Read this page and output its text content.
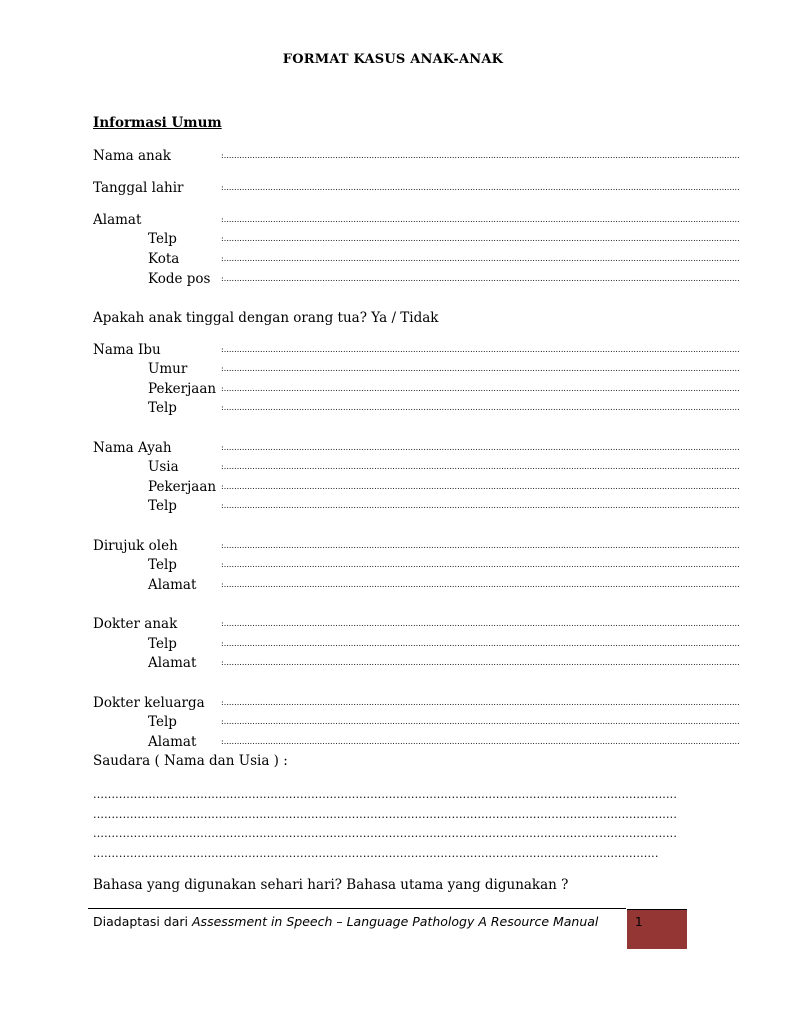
FORMAT KASUS ANAK-ANAK
Informasi Umum
Nama anak	:.......................................................................................................................................................................................................
Tanggal lahir	:.......................................................................................................................................................................................................
Alamat	:.......................................................................................................................................................................................................
Telp	:.......................................................................................................................................................................................................
Kota	:.......................................................................................................................................................................................................
Kode pos :.......................................................................................................................................................................................................
Apakah anak tinggal dengan orang tua? Ya / Tidak
Nama Ibu	:.......................................................................................................................................................................................................
Umur	:.......................................................................................................................................................................................................
Pekerjaan :.......................................................................................................................................................................................................
Telp	:.......................................................................................................................................................................................................
Nama Ayah	:.......................................................................................................................................................................................................
Usia	:.......................................................................................................................................................................................................
Pekerjaan :.......................................................................................................................................................................................................
Telp	:.......................................................................................................................................................................................................
Dirujuk oleh	:.......................................................................................................................................................................................................
Telp	:.......................................................................................................................................................................................................
Alamat	:.......................................................................................................................................................................................................
Dokter anak	:.......................................................................................................................................................................................................
Telp	:.......................................................................................................................................................................................................
Alamat	:.......................................................................................................................................................................................................
Dokter keluarga :.......................................................................................................................................................................................................
Telp	:.......................................................................................................................................................................................................
Alamat	:.......................................................................................................................................................................................................
Saudara ( Nama dan Usia ) :
..............................................................................................................................................................
..............................................................................................................................................................
..............................................................................................................................................................
.........................................................................................................................................................
Bahasa yang digunakan sehari hari? Bahasa utama yang digunakan ?
Diadaptasi dari Assessment in Speech – Language Pathology A Resource Manual	1
